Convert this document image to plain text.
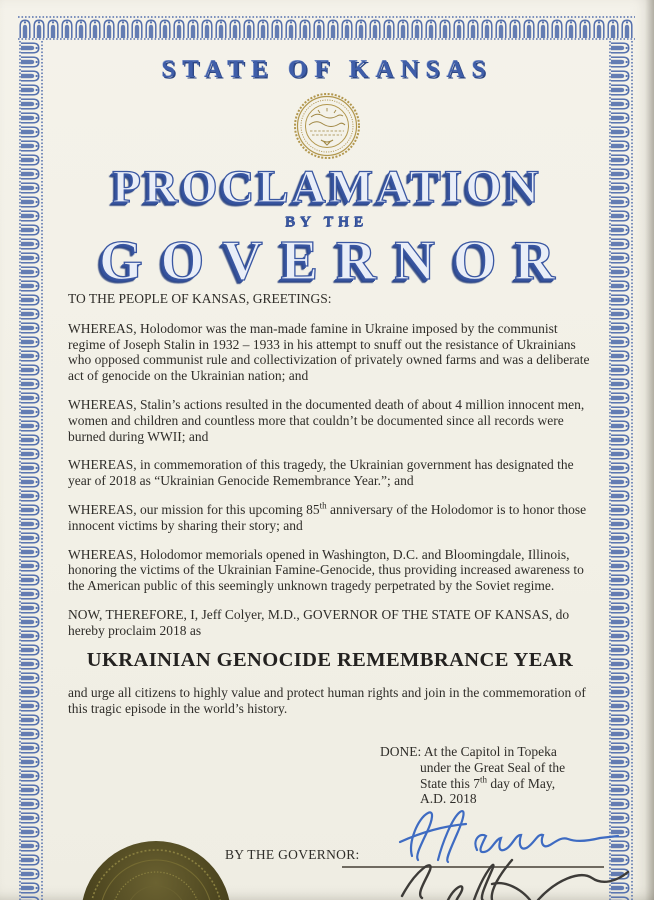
STATE OF KANSAS
PROCLAMATION
BY THE
GOVERNOR

TO THE PEOPLE OF KANSAS, GREETINGS:

WHEREAS, Holodomor was the man-made famine in Ukraine imposed by the communist regime of Joseph Stalin in 1932 – 1933 in his attempt to snuff out the resistance of Ukrainians who opposed communist rule and collectivization of privately owned farms and was a deliberate act of genocide on the Ukrainian nation; and

WHEREAS, Stalin’s actions resulted in the documented death of about 4 million innocent men, women and children and countless more that couldn’t be documented since all records were burned during WWII; and

WHEREAS, in commemoration of this tragedy, the Ukrainian government has designated the year of 2018 as “Ukrainian Genocide Remembrance Year.”; and

WHEREAS, our mission for this upcoming 85th anniversary of the Holodomor is to honor those innocent victims by sharing their story; and

WHEREAS, Holodomor memorials opened in Washington, D.C. and Bloomingdale, Illinois, honoring the victims of the Ukrainian Famine-Genocide, thus providing increased awareness to the American public of this seemingly unknown tragedy perpetrated by the Soviet regime.

NOW, THEREFORE, I, Jeff Colyer, M.D., GOVERNOR OF THE STATE OF KANSAS, do hereby proclaim 2018 as

UKRAINIAN GENOCIDE REMEMBRANCE YEAR

and urge all citizens to highly value and protect human rights and join in the commemoration of this tragic episode in the world’s history.

DONE: At the Capitol in Topeka
under the Great Seal of the
State this 7th day of May,
A.D. 2018
BY THE GOVERNOR:
